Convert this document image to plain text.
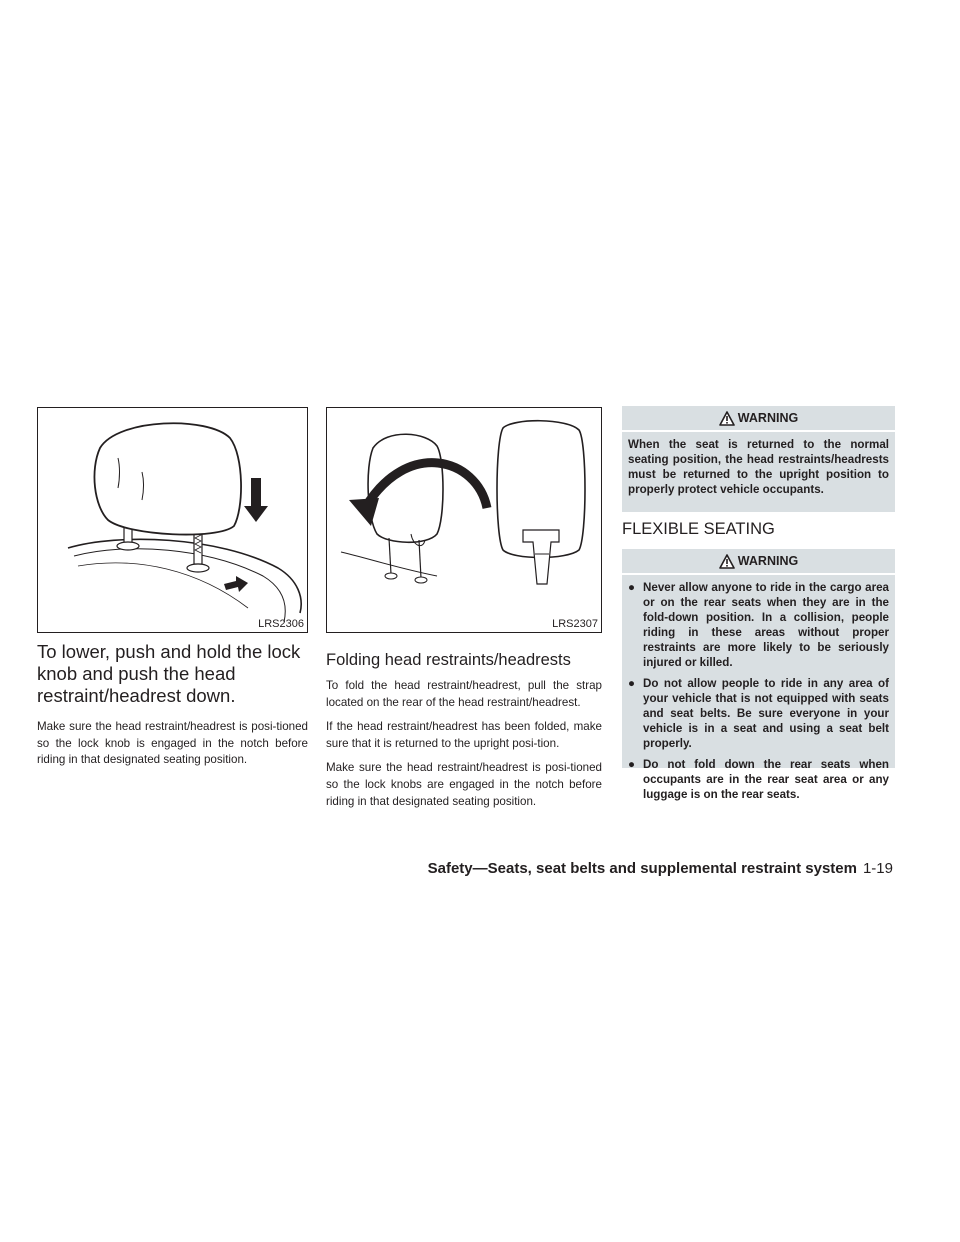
LRS2306	LRS2307
To lower, push and hold the lock knob and push the head restraint/headrest down.

Make sure the head restraint/headrest is posi-tioned so the lock knob is engaged in the notch before riding in that designated seating position.

Folding head restraints/headrests

To fold the head restraint/headrest, pull the strap located on the rear of the head restraint/headrest.

If the head restraint/headrest has been folded, make sure that it is returned to the upright posi-tion.

Make sure the head restraint/headrest is posi-tioned so the lock knobs are engaged in the notch before riding in that designated seating position.

WARNING
When the seat is returned to the normal seating position, the head restraints/headrests must be returned to the upright position to properly protect vehicle occupants.
FLEXIBLE SEATING
WARNING
● Never allow anyone to ride in the cargo area or on the rear seats when they are in the fold-down position. In a collision, people riding in these areas without proper restraints are more likely to be seriously injured or killed.
● Do not allow people to ride in any area of your vehicle that is not equipped with seats and seat belts. Be sure everyone in your vehicle is in a seat and using a seat belt properly.
● Do not fold down the rear seats when occupants are in the rear seat area or any luggage is on the rear seats.
Safety—Seats, seat belts and supplemental restraint system 1-19
